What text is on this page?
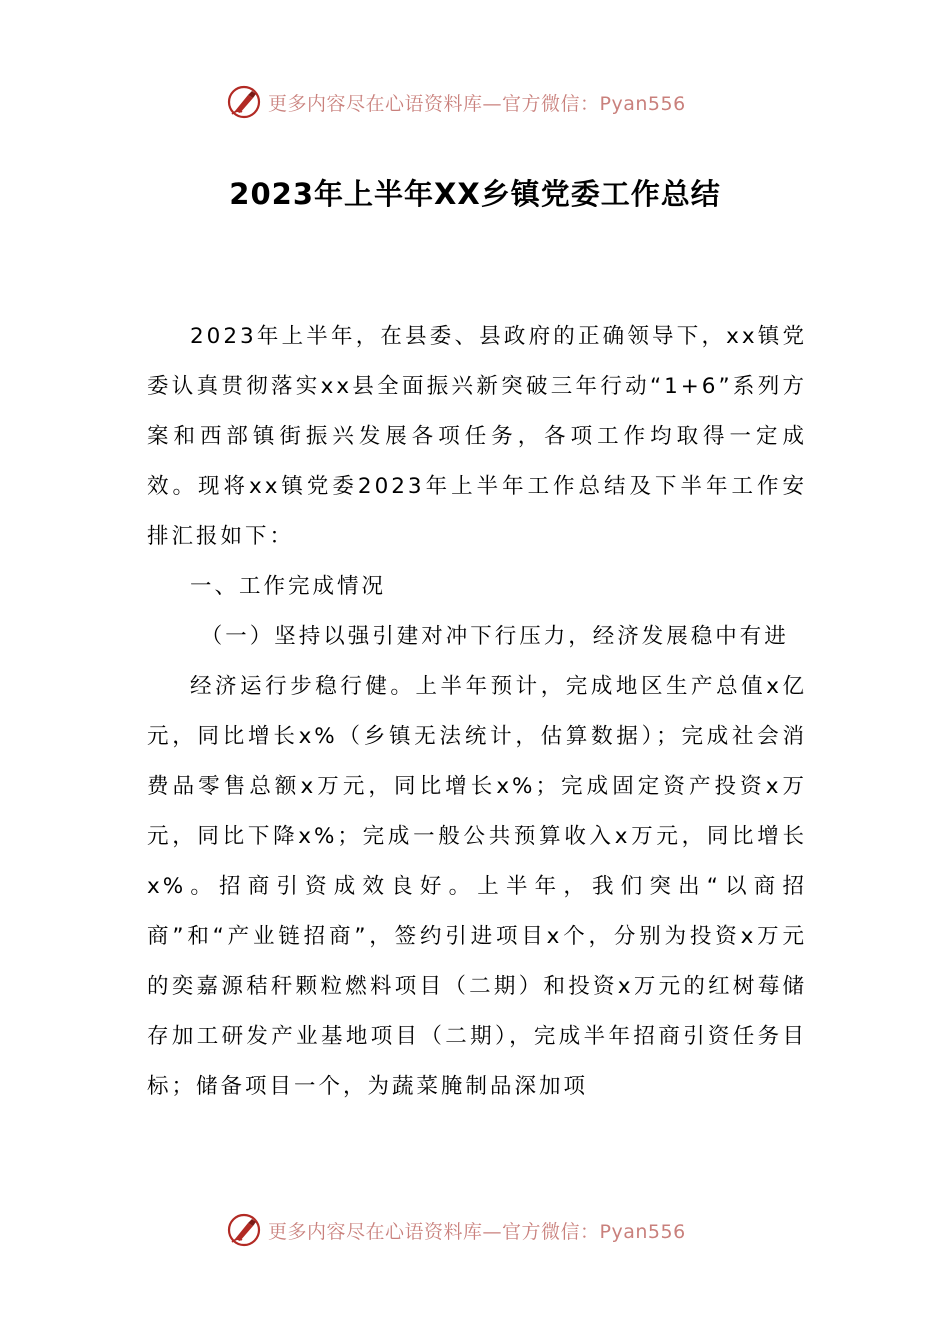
更多内容尽在心语资料库—官方微信：Pyan556
2023年上半年XX乡镇党委工作总结

2023年上半年，在县委、县政府的正确领导下，xx镇党委认真贯彻落实xx县全面振兴新突破三年行动“1+6”系列方案和西部镇街振兴发展各项任务，各项工作均取得一定成效。现将xx镇党委2023年上半年工作总结及下半年工作安排汇报如下：

一、工作完成情况

（一）坚持以强引建对冲下行压力，经济发展稳中有进

经济运行步稳行健。上半年预计，完成地区生产总值x亿元，同比增长x%（乡镇无法统计，估算数据）；完成社会消费品零售总额x万元，同比增长x%；完成固定资产投资x万元，同比下降x%；完成一般公共预算收入x万元，同比增长x%。招商引资成效良好。上半年，我们突出“以商招商”和“产业链招商”，签约引进项目x个，分别为投资x万元的奕嘉源秸秆颗粒燃料项目（二期）和投资x万元的红树莓储存加工研发产业基地项目（二期），完成半年招商引资任务目标；储备项目一个，为蔬菜腌制品深加项

更多内容尽在心语资料库—官方微信：Pyan556
